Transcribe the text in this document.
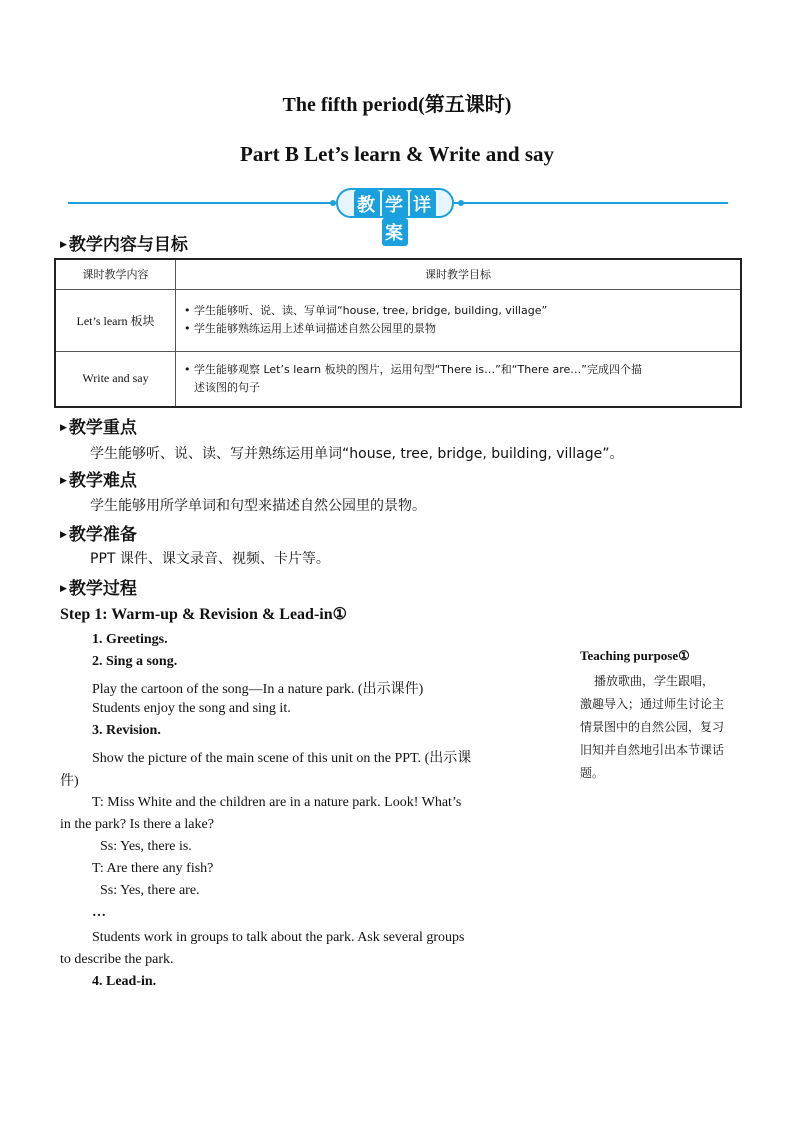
The fifth period(第五课时)
Part B Let’s learn & Write and say
教 学 详案
▶ 教学内容与目标
课时教学内容	课时教学目标
Let’s learn 板块	• 学生能够听、说、读、写单词“house, tree, bridge, building, village”
• 学生能够熟练运用上述单词描述自然公园里的景物

Write and say	• 学生能够观察 Let’s learn 板块的图片，运用句型“There is…”和“There are…”完成四个描
述该图的句子
▶ 教学重点
学生能够听、说、读、写并熟练运用单词“house, tree, bridge, building, village”。
▶ 教学难点
学生能够用所学单词和句型来描述自然公园里的景物。
▶ 教学准备
PPT 课件、课文录音、视频、卡片等。
▶ 教学过程
Step 1: Warm-up & Revision & Lead-in①
1. Greetings.
2. Sing a song.
Play the cartoon of the song—In a nature park. (出示课件)
Students enjoy the song and sing it.
3. Revision.
Show the picture of the main scene of this unit on the PPT. (出示课
件)
T: Miss White and the children are in a nature park. Look! What’s
in the park? Is there a lake?
Ss: Yes, there is.
T: Are there any fish?
Ss: Yes, there are.
…
Students work in groups to talk about the park. Ask several groups
to describe the park.
4. Lead-in.
Teaching purpose①
播放歌曲，学生跟唱，
激趣导入；通过师生讨论主
情景图中的自然公园，复习
旧知并自然地引出本节课话
题。
